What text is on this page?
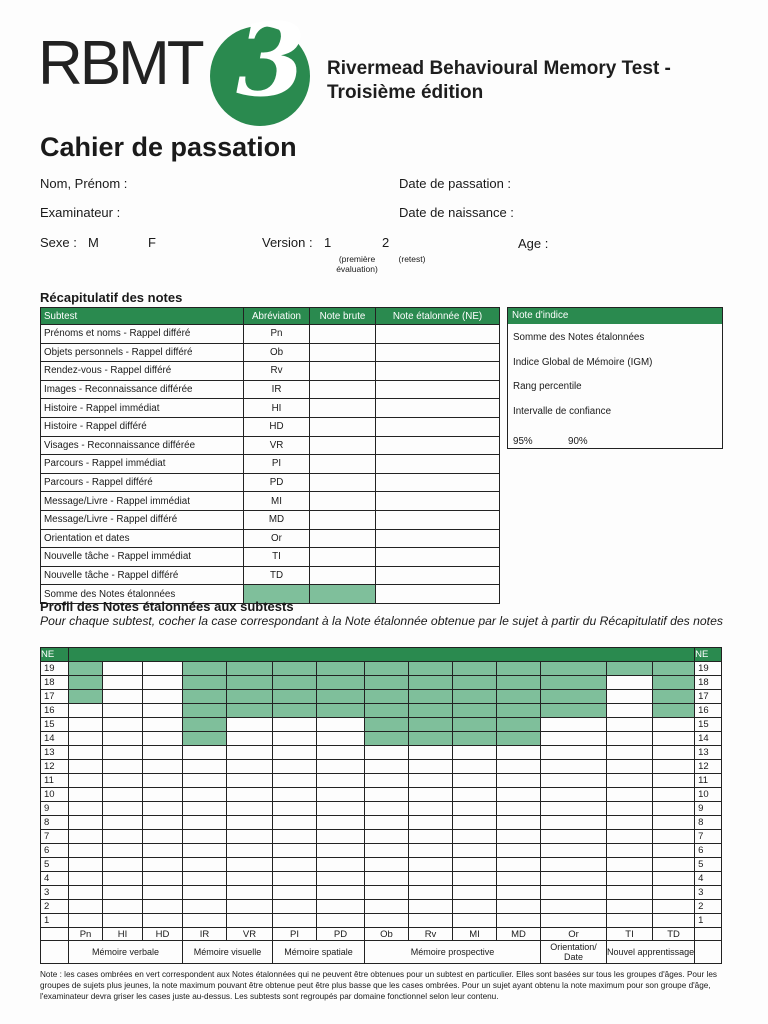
RBMT 3 Rivermead Behavioural Memory Test -
Troisième édition
Cahier de passation
Nom, Prénom :	Date de passation :
Examinateur :	Date de naissance :
Sexe : M	F	Version : 1	2
(première évaluation)
(retest)
Age :
Récapitulatif des notes
Subtest	Abréviation	Note brute	Note étalonnée (NE)
Prénoms et noms - Rappel différé	Pn		
Objets personnels - Rappel différé	Ob		
Rendez-vous - Rappel différé	Rv		
Images - Reconnaissance différée	IR		
Histoire - Rappel immédiat	HI		
Histoire - Rappel différé	HD		
Visages - Reconnaissance différée	VR		
Parcours - Rappel immédiat	PI		
Parcours - Rappel différé	PD		
Message/Livre - Rappel immédiat	MI		
Message/Livre - Rappel différé	MD		
Orientation et dates	Or		
Nouvelle tâche - Rappel immédiat	TI		
Nouvelle tâche - Rappel différé	TD		
Somme des Notes étalonnées			
Note d'indice
Somme des Notes étalonnées
Indice Global de Mémoire (IGM)
Rang percentile
Intervalle de confiance
95%	90%
Profil des Notes étalonnées aux subtests
Pour chaque subtest, cocher la case correspondant à la Note étalonnée obtenue par le sujet à partir du Récapitulatif des notes
NE															NE
19															19
18															18
17															17
16															16
15															15
14															14
13															13
12															12
11															11
10															10
9															9
8															8
7															7
6															6
5															5
4															4
3															3
2															2
1															1
	Pn	HI	HD	IR	VR	PI	PD	Ob	Rv	MI	MD	Or	TI	TD	
	Mémoire verbale			Mémoire visuelle		Mémoire spatiale		Mémoire prospective				Orientation/ Date	Nouvel apprentissage		
Note : les cases ombrées en vert correspondent aux Notes étalonnées qui ne peuvent être obtenues pour un subtest en particulier. Elles sont basées sur tous les groupes d'âges. Pour les groupes de sujets plus jeunes, la note maximum pouvant être obtenue peut être plus basse que les cases ombrées. Pour un sujet ayant obtenu la note maximum pour son groupe d'âge, l'examinateur devra griser les cases juste au-dessus. Les subtests sont regroupés par domaine fonctionnel selon leur contenu.
